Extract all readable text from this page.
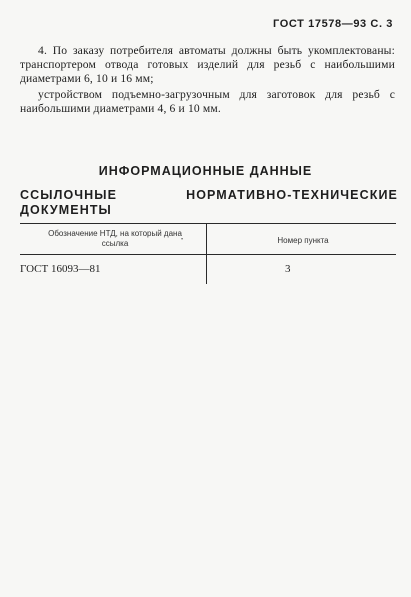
ГОСТ 17578—93 С. 3
4. По заказу потребителя автоматы должны быть укомплектованы: транспортером отвода готовых изделий для резьб с наибольшими диаметрами 6, 10 и 16 мм;
устройством подъемно-загрузочным для заготовок для резьб с наибольшими диаметрами 4, 6 и 10 мм.
ИНФОРМАЦИОННЫЕ ДАННЫЕ
ССЫЛОЧНЫЕ НОРМАТИВНО-ТЕХНИЧЕСКИЕ ДОКУМЕНТЫ
Обозначение НТД, на который дана ссылка	Номер пункта
•
ГОСТ 16093—81	3
